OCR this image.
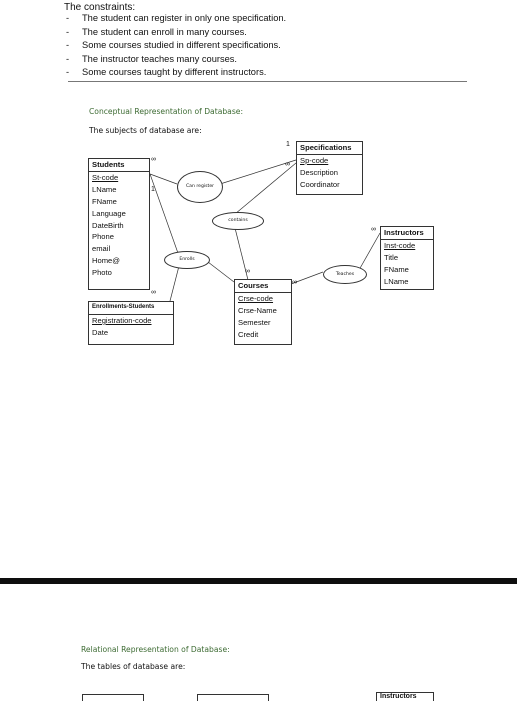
The constraints:
- The student can register in only one specification.
- The student can enroll in many courses.
- Some courses studied in different specifications.
- The instructor teaches many courses.
- Some courses taught by different instructors.
Conceptual Representation of Database:
The subjects of database are:
Students
St-code
LName
FName
Language
DateBirth
Phone
email
Home@
Photo
Specifications
Sp-code
Description
Coordinator
Instructors
Inst-code
Title
FName
LName
Courses
Crse-code
Crse-Name
Semester
Credit
Enrollments-Students
Registration-code
Date
Can register
contains
Enrolls
Teaches
∞
1
1
∞
∞
∞
∞
∞
Relational Representation of Database:
The tables of database are:
Instructors
